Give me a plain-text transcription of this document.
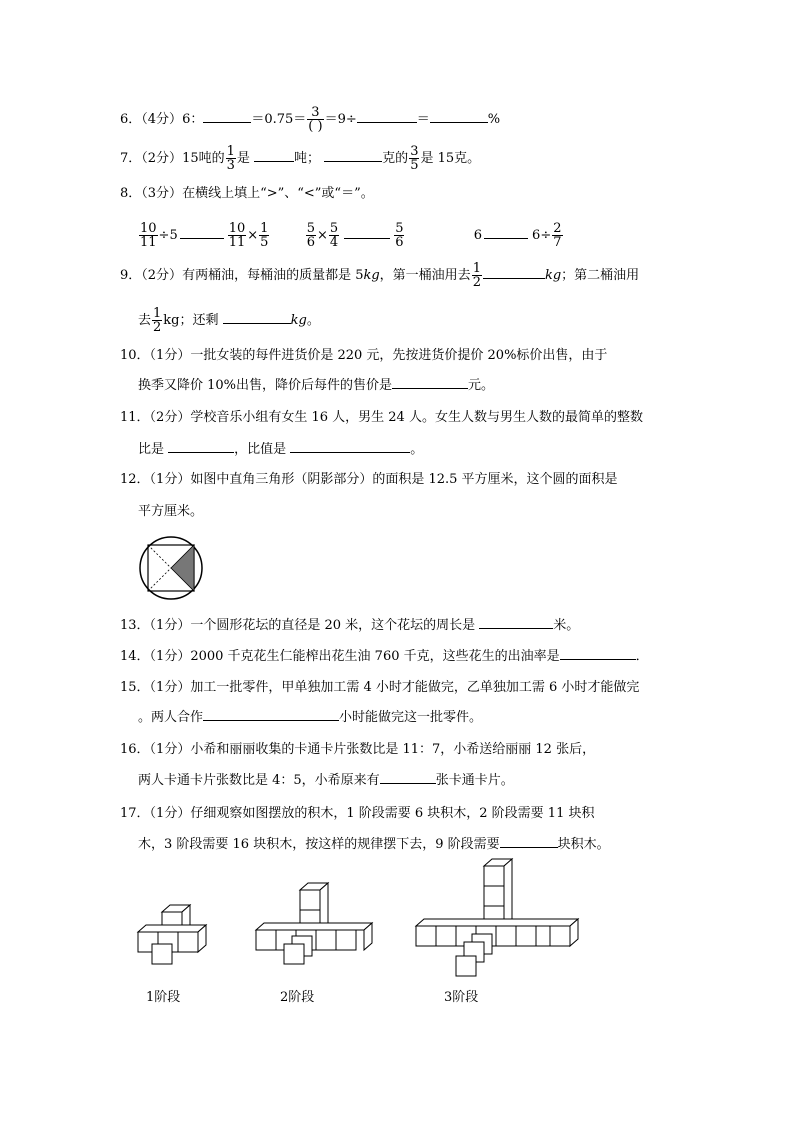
6．（4分）6：	$=0.75= \frac{3}{( )} =9\div$	＝	%
7．（2分）15吨的 $\frac{1}{3}$ 是	吨；	克的 $\frac{3}{5}$ 是 15克。
8．（3分）在横线上填上“>”、“<”或“＝”。
$\frac{10}{11} \div 5$	$\frac{10}{11} \times \frac{1}{5}$
	$\frac{5}{6} \times \frac{5}{4}$	$\frac{5}{6}$	6	$6\div \frac{2}{7}$
9．（2分）有两桶油，每桶油的质量都是 5kg，第一桶油用去 $\frac{1}{2}$	kg；第二桶油用
去 $\frac{1}{2}$ kg；还剩	kg。
10．（1分）一批女装的每件进货价是 220 元，先按进货价提价 20%标价出售，由于
换季又降价 10%出售，降价后每件的售价是	元。
11．（2分）学校音乐小组有女生 16 人，男生 24 人。女生人数与男生人数的最简单的整数
比是	，比值是	。
12．（1分）如图中直角三角形（阴影部分）的面积是 12.5 平方厘米，这个圆的面积是
平方厘米。
13．（1分）一个圆形花坛的直径是 20 米，这个花坛的周长是	米。
14．（1分）2000 千克花生仁能榨出花生油 760 千克，这些花生的出油率是	．
15．（1分）加工一批零件，甲单独加工需 4 小时才能做完，乙单独加工需 6 小时才能做完
。两人合作	小时能做完这一批零件。
16．（1分）小希和丽丽收集的卡通卡片张数比是 11：7，小希送给丽丽 12 张后，
两人卡通卡片张数比是 4：5，小希原来有	张卡通卡片。
17．（1分）仔细观察如图摆放的积木，1 阶段需要 6 块积木，2 阶段需要 11 块积
木，3 阶段需要 16 块积木，按这样的规律摆下去，9 阶段需要	块积木。
1阶段	2阶段	3阶段
